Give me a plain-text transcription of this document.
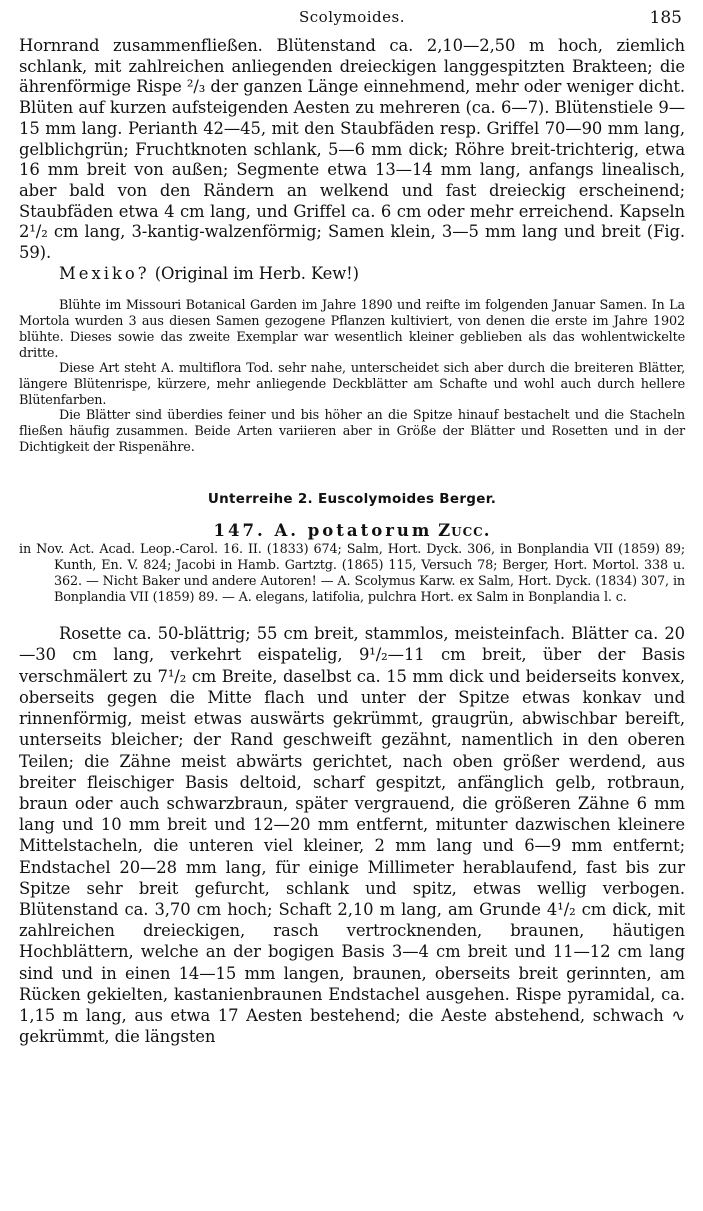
Scolymoides.	185

Hornrand zusammenfließen. Blütenstand ca. 2,10—2,50 m hoch, ziemlich schlank, mit zahlreichen anliegenden dreieckigen langgespitzten Brakteen; die ährenförmige Rispe ²/₃ der ganzen Länge einnehmend, mehr oder weniger dicht. Blüten auf kurzen aufsteigenden Aesten zu mehreren (ca. 6—7). Blütenstiele 9—15 mm lang. Perianth 42—45, mit den Staubfäden resp. Griffel 70—90 mm lang, gelblichgrün; Fruchtknoten schlank, 5—6 mm dick; Röhre breit-trichterig, etwa 16 mm breit von außen; Segmente etwa 13—14 mm lang, anfangs linealisch, aber bald von den Rändern an welkend und fast dreieckig erscheinend; Staubfäden etwa 4 cm lang, und Griffel ca. 6 cm oder mehr erreichend. Kapseln 2¹/₂ cm lang, 3-kantig-walzenförmig; Samen klein, 3—5 mm lang und breit (Fig. 59).

Mexiko? (Original im Herb. Kew!)

Blühte im Missouri Botanical Garden im Jahre 1890 und reifte im folgenden Januar Samen. In La Mortola wurden 3 aus diesen Samen gezogene Pflanzen kultiviert, von denen die erste im Jahre 1902 blühte. Dieses sowie das zweite Exemplar war wesentlich kleiner geblieben als das wohlentwickelte dritte.

Diese Art steht A. multiflora Tod. sehr nahe, unterscheidet sich aber durch die breiteren Blätter, längere Blütenrispe, kürzere, mehr anliegende Deckblätter am Schafte und wohl auch durch hellere Blütenfarben.

Die Blätter sind überdies feiner und bis höher an die Spitze hinauf bestachelt und die Stacheln fließen häufig zusammen. Beide Arten variieren aber in Größe der Blätter und Rosetten und in der Dichtigkeit der Rispenähre.

Unterreihe 2. Euscolymoides Berger.
147. A. potatorum Zucc.

in Nov. Act. Acad. Leop.-Carol. 16. II. (1833) 674; Salm, Hort. Dyck. 306, in Bonplandia VII (1859) 89; Kunth, En. V. 824; Jacobi in Hamb. Gartztg. (1865) 115, Versuch 78; Berger, Hort. Mortol. 338 u. 362. — Nicht Baker und andere Autoren! — A. Scolymus Karw. ex Salm, Hort. Dyck. (1834) 307, in Bonplandia VII (1859) 89. — A. elegans, latifolia, pulchra Hort. ex Salm in Bonplandia l. c.

Rosette ca. 50-blättrig; 55 cm breit, stammlos, meisteinfach. Blätter ca. 20—30 cm lang, verkehrt eispatelig, 9¹/₂—11 cm breit, über der Basis verschmälert zu 7¹/₂ cm Breite, daselbst ca. 15 mm dick und beiderseits konvex, oberseits gegen die Mitte flach und unter der Spitze etwas konkav und rinnenförmig, meist etwas auswärts gekrümmt, graugrün, abwischbar bereift, unterseits bleicher; der Rand geschweift gezähnt, namentlich in den oberen Teilen; die Zähne meist abwärts gerichtet, nach oben größer werdend, aus breiter fleischiger Basis deltoid, scharf gespitzt, anfänglich gelb, rotbraun, braun oder auch schwarzbraun, später vergrauend, die größeren Zähne 6 mm lang und 10 mm breit und 12—20 mm entfernt, mitunter dazwischen kleinere Mittelstacheln, die unteren viel kleiner, 2 mm lang und 6—9 mm entfernt; Endstachel 20—28 mm lang, für einige Millimeter herablaufend, fast bis zur Spitze sehr breit gefurcht, schlank und spitz, etwas wellig verbogen. Blütenstand ca. 3,70 cm hoch; Schaft 2,10 m lang, am Grunde 4¹/₂ cm dick, mit zahlreichen dreieckigen, rasch vertrocknenden, braunen, häutigen Hochblättern, welche an der bogigen Basis 3—4 cm breit und 11—12 cm lang sind und in einen 14—15 mm langen, braunen, oberseits breit gerinnten, am Rücken gekielten, kastanienbraunen Endstachel ausgehen. Rispe pyramidal, ca. 1,15 m lang, aus etwa 17 Aesten bestehend; die Aeste abstehend, schwach ∿ gekrümmt, die längsten
